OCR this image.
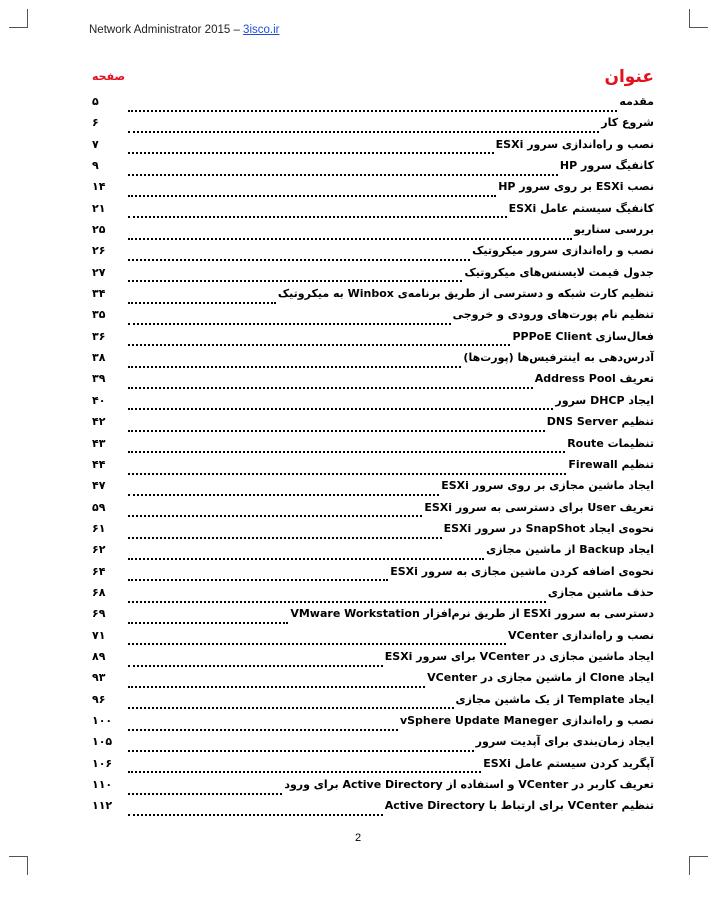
Network Administrator 2015 – 3isco.ir
عنوان
صفحه
مقدمه
۵
شروع کار
۶
نصب و راه‌اندازی سرور ESXi
۷
کانفیگ سرور HP
۹
نصب ESXi بر روی سرور HP
۱۴
کانفیگ سیستم عامل ESXi
۲۱
بررسی سناریو
۲۵
نصب و راه‌اندازی سرور میکروتیک
۲۶
جدول قیمت لایسنس‌های میکروتیک
۲۷
تنظیم کارت شبکه و دسترسی از طریق برنامه‌ی Winbox به میکروتیک
۳۴
تنظیم نام پورت‌های ورودی و خروجی
۳۵
فعال‌سازی PPPoE Client
۳۶
آدرس‌دهی به اینترفیس‌ها (پورت‌ها)
۳۸
تعریف Address Pool
۳۹
ایجاد DHCP سرور
۴۰
تنظیم DNS Server
۴۲
تنظیمات Route
۴۳
تنظیم Firewall
۴۴
ایجاد ماشین مجازی بر روی سرور ESXi
۴۷
تعریف User برای دسترسی به سرور ESXi
۵۹
نحوه‌ی ایجاد SnapShot در سرور ESXi
۶۱
ایجاد Backup از ماشین مجازی
۶۲
نحوه‌ی اضافه کردن ماشین مجازی به سرور ESXi
۶۴
حذف ماشین مجازی
۶۸
دسترسی به سرور ESXi از طریق نرم‌افزار VMware Workstation
۶۹
نصب و راه‌اندازی VCenter
۷۱
ایجاد ماشین مجازی در VCenter برای سرور ESXi
۸۹
ایجاد Clone از ماشین مجازی در VCenter
۹۳
ایجاد Template از یک ماشین مجازی
۹۶
نصب و راه‌اندازی vSphere Update Maneger
۱۰۰
ایجاد زمان‌بندی برای آپدیت سرور
۱۰۵
آپگرید کردن سیستم عامل ESXi
۱۰۶
تعریف کاربر در VCenter و استفاده از Active Directory برای ورود
۱۱۰
تنظیم VCenter برای ارتباط با Active Directory
۱۱۲
2
